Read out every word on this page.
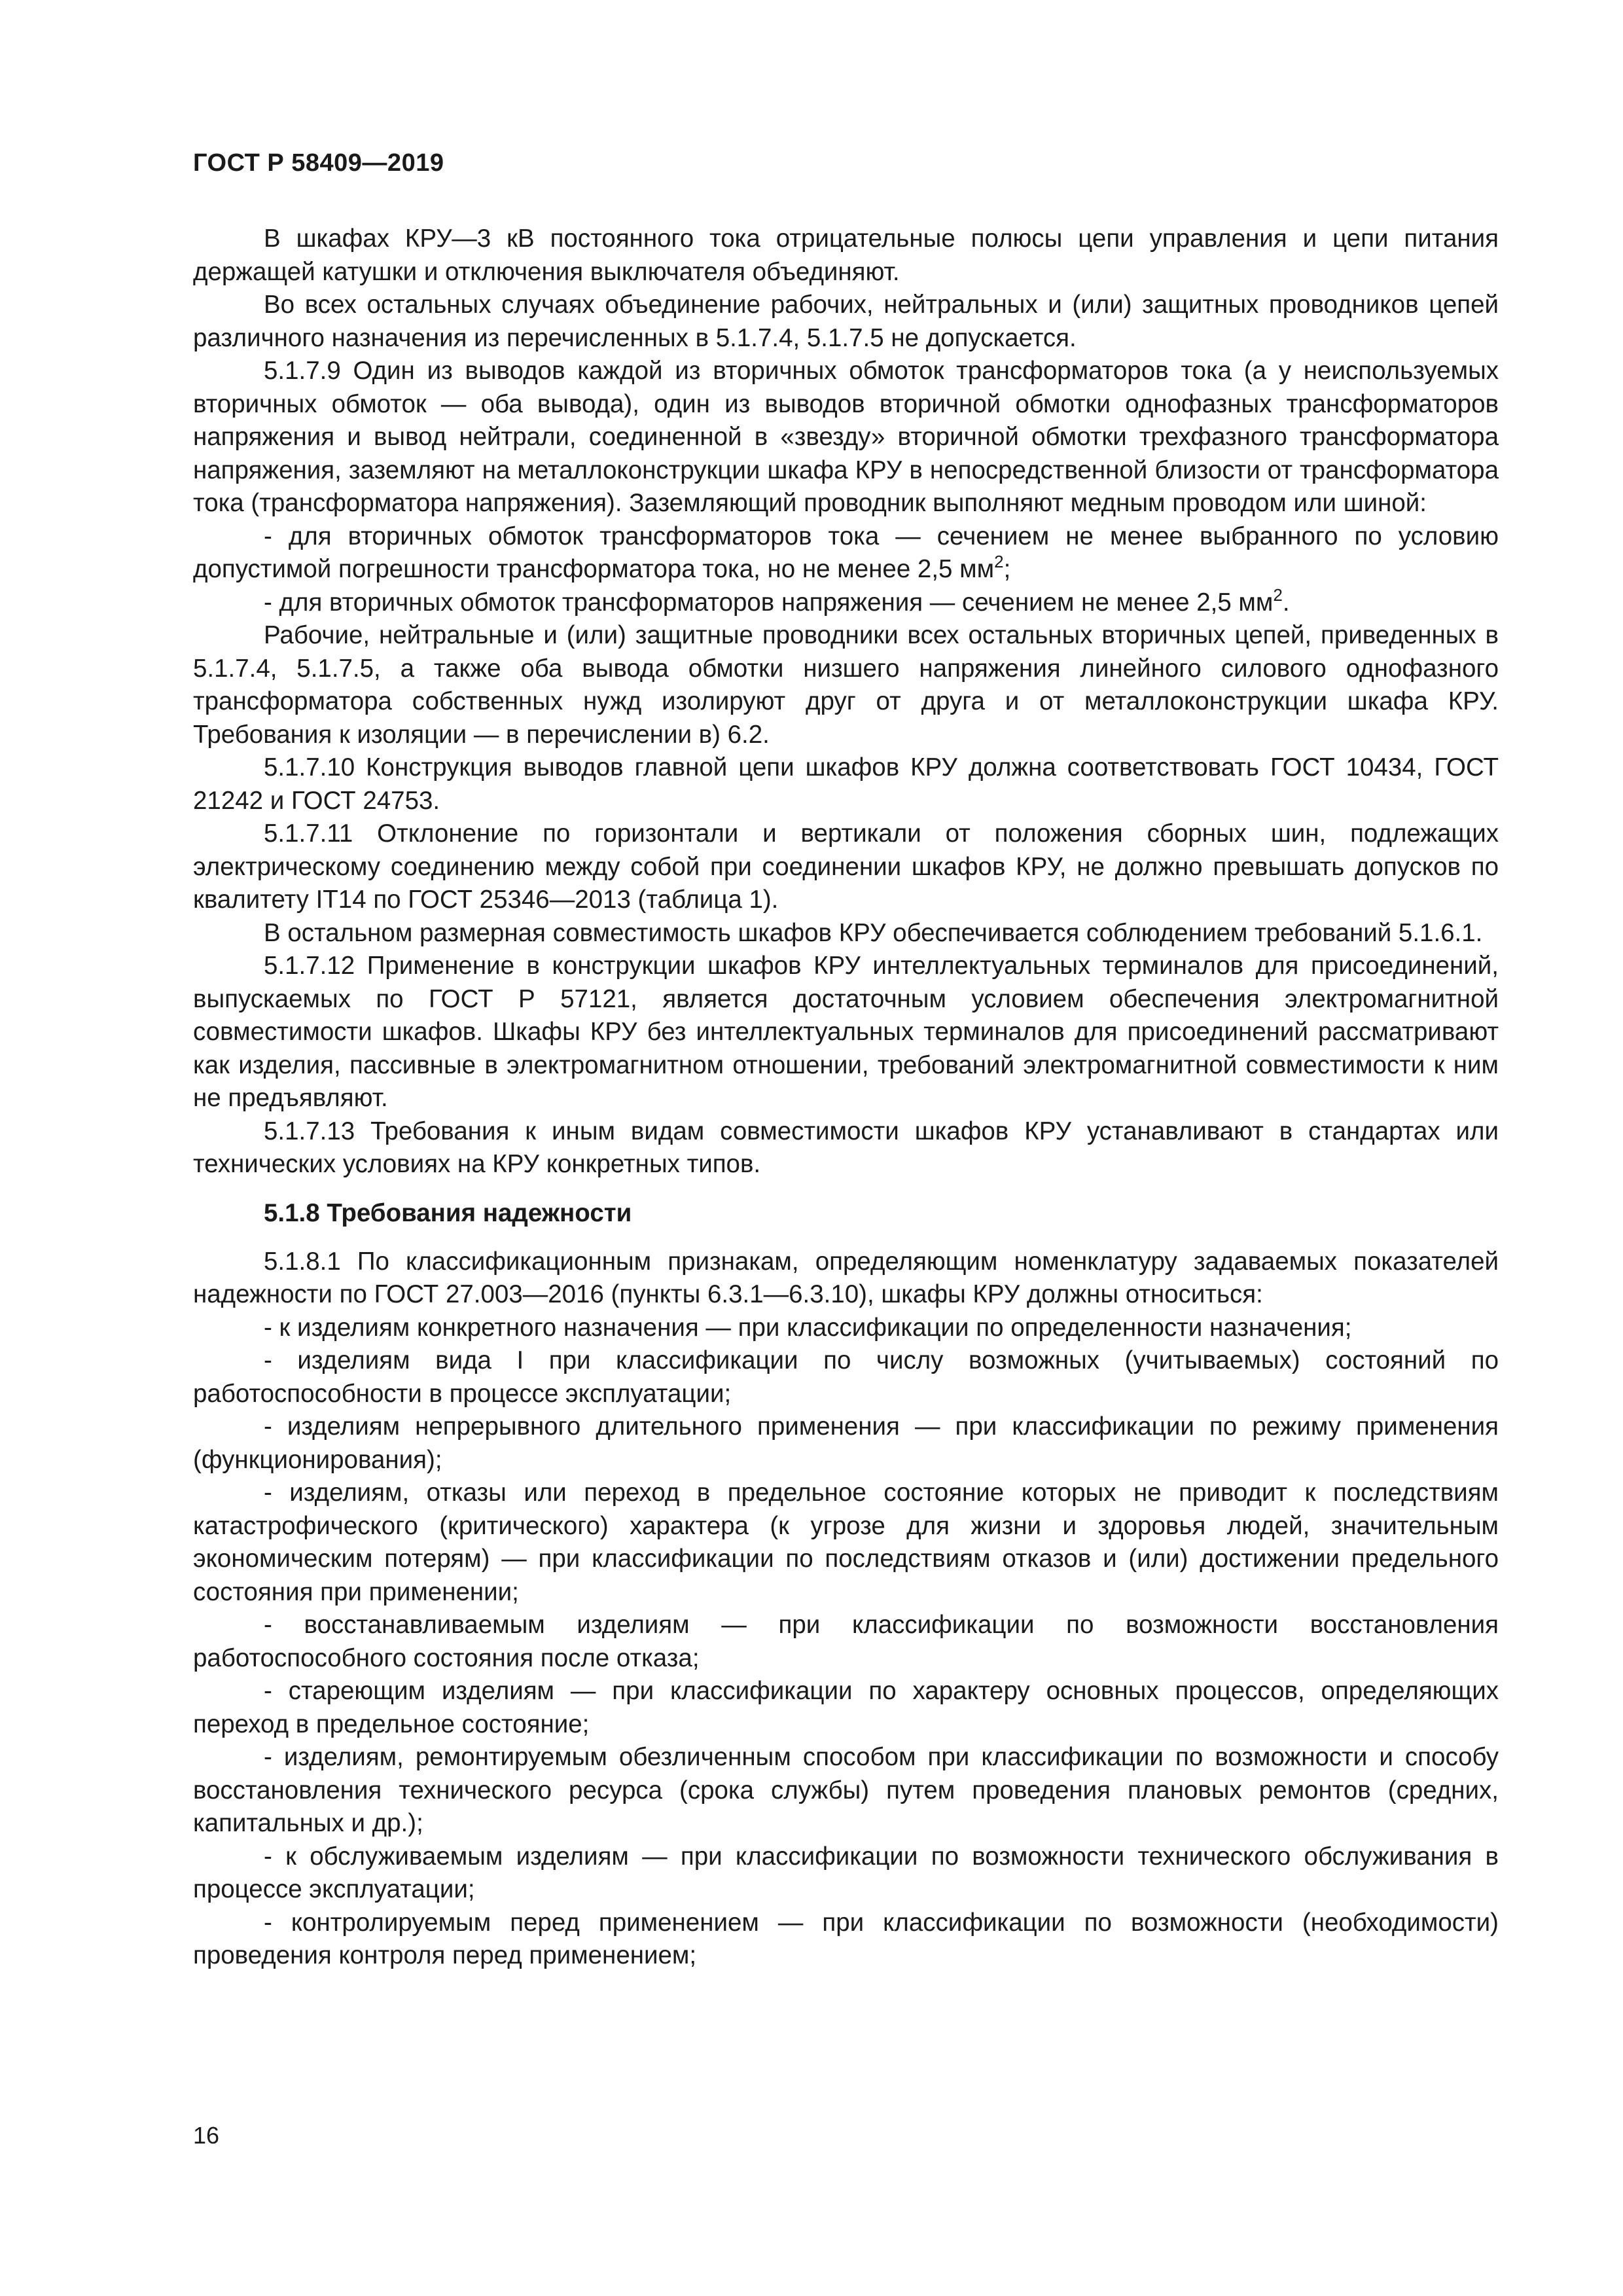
ГОСТ Р 58409—2019

В шкафах КРУ—3 кВ постоянного тока отрицательные полюсы цепи управления и цепи питания держащей катушки и отключения выключателя объединяют.

Во всех остальных случаях объединение рабочих, нейтральных и (или) защитных проводников цепей различного назначения из перечисленных в 5.1.7.4, 5.1.7.5 не допускается.

5.1.7.9 Один из выводов каждой из вторичных обмоток трансформаторов тока (а у неиспользуемых вторичных обмоток — оба вывода), один из выводов вторичной обмотки однофазных трансформаторов напряжения и вывод нейтрали, соединенной в «звезду» вторичной обмотки трехфазного трансформатора напряжения, заземляют на металлоконструкции шкафа КРУ в непосредственной близости от трансформатора тока (трансформатора напряжения). Заземляющий проводник выполняют медным проводом или шиной:

- для вторичных обмоток трансформаторов тока — сечением не менее выбранного по условию допустимой погрешности трансформатора тока, но не менее 2,5 $мм^2$;

- для вторичных обмоток трансформаторов напряжения — сечением не менее 2,5 $мм^2$.

Рабочие, нейтральные и (или) защитные проводники всех остальных вторичных цепей, приведенных в 5.1.7.4, 5.1.7.5, а также оба вывода обмотки низшего напряжения линейного силового однофазного трансформатора собственных нужд изолируют друг от друга и от металлоконструкции шкафа КРУ. Требования к изоляции — в перечислении в) 6.2.

5.1.7.10 Конструкция выводов главной цепи шкафов КРУ должна соответствовать ГОСТ 10434, ГОСТ 21242 и ГОСТ 24753.

5.1.7.11 Отклонение по горизонтали и вертикали от положения сборных шин, подлежащих электрическому соединению между собой при соединении шкафов КРУ, не должно превышать допусков по квалитету IT14 по ГОСТ 25346—2013 (таблица 1).

В остальном размерная совместимость шкафов КРУ обеспечивается соблюдением требований 5.1.6.1.

5.1.7.12 Применение в конструкции шкафов КРУ интеллектуальных терминалов для присоединений, выпускаемых по ГОСТ Р 57121, является достаточным условием обеспечения электромагнитной совместимости шкафов. Шкафы КРУ без интеллектуальных терминалов для присоединений рассматривают как изделия, пассивные в электромагнитном отношении, требований электромагнитной совместимости к ним не предъявляют.

5.1.7.13 Требования к иным видам совместимости шкафов КРУ устанавливают в стандартах или технических условиях на КРУ конкретных типов.

5.1.8 Требования надежности

5.1.8.1 По классификационным признакам, определяющим номенклатуру задаваемых показателей надежности по ГОСТ 27.003—2016 (пункты 6.3.1—6.3.10), шкафы КРУ должны относиться:

- к изделиям конкретного назначения — при классификации по определенности назначения;

- изделиям вида I при классификации по числу возможных (учитываемых) состояний по работоспособности в процессе эксплуатации;

- изделиям непрерывного длительного применения — при классификации по режиму применения (функционирования);

- изделиям, отказы или переход в предельное состояние которых не приводит к последствиям катастрофического (критического) характера (к угрозе для жизни и здоровья людей, значительным экономическим потерям) — при классификации по последствиям отказов и (или) достижении предельного состояния при применении;

- восстанавливаемым изделиям — при классификации по возможности восстановления работоспособного состояния после отказа;

- стареющим изделиям — при классификации по характеру основных процессов, определяющих переход в предельное состояние;

- изделиям, ремонтируемым обезличенным способом при классификации по возможности и способу восстановления технического ресурса (срока службы) путем проведения плановых ремонтов (средних, капитальных и др.);

- к обслуживаемым изделиям — при классификации по возможности технического обслуживания в процессе эксплуатации;

- контролируемым перед применением — при классификации по возможности (необходимости) проведения контроля перед применением;

16
